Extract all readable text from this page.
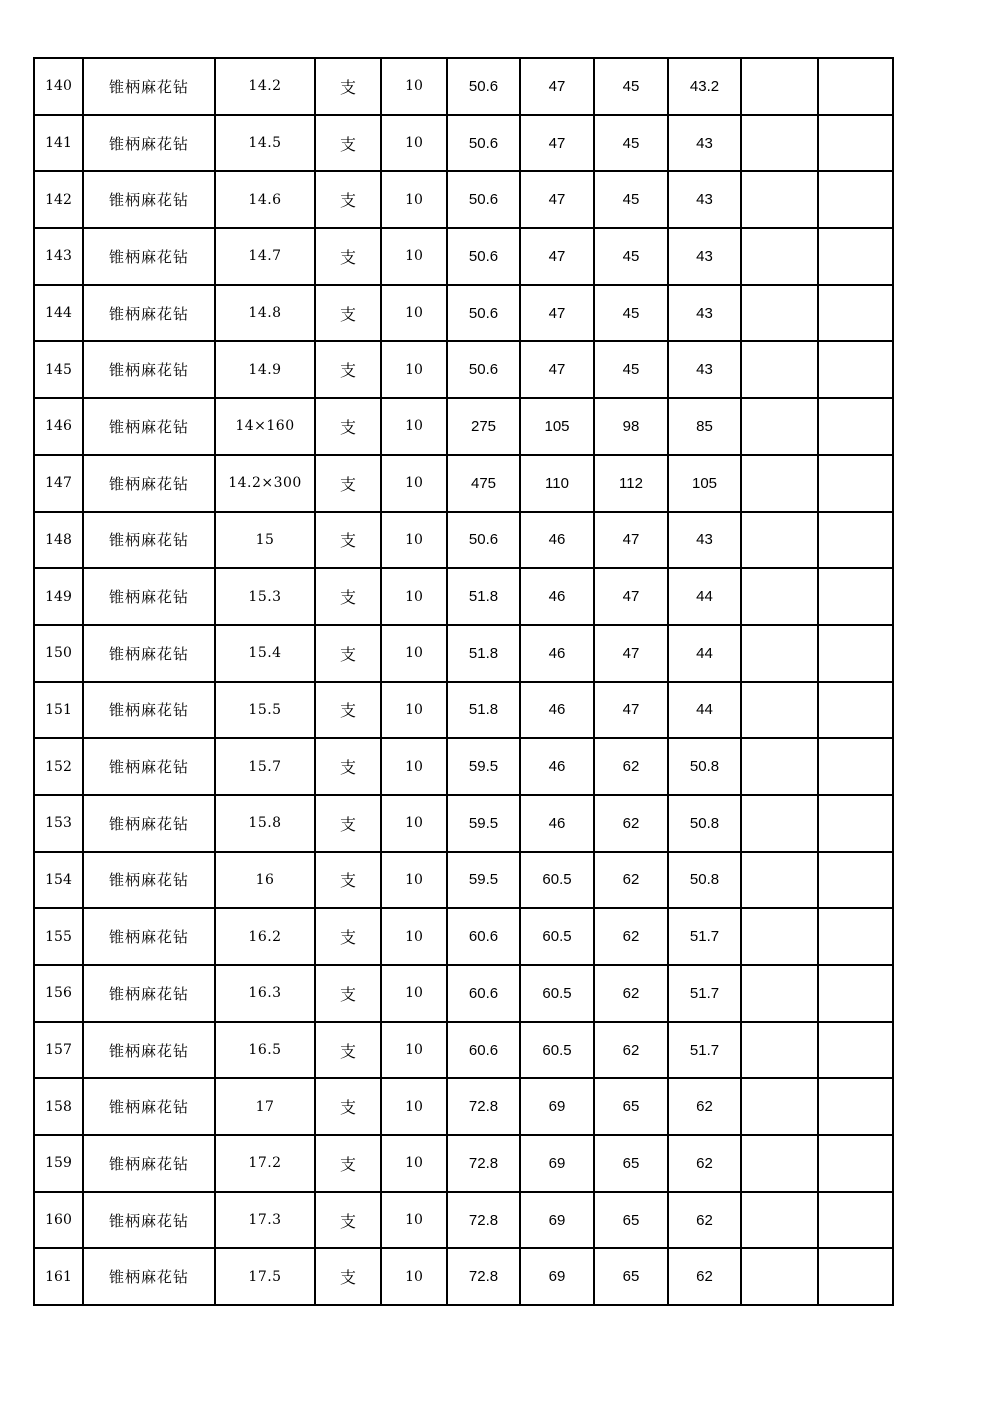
140	锥柄麻花钻	14.2	支	10	50.6	47	45	43.2		
141	锥柄麻花钻	14.5	支	10	50.6	47	45	43		
142	锥柄麻花钻	14.6	支	10	50.6	47	45	43		
143	锥柄麻花钻	14.7	支	10	50.6	47	45	43		
144	锥柄麻花钻	14.8	支	10	50.6	47	45	43		
145	锥柄麻花钻	14.9	支	10	50.6	47	45	43		
146	锥柄麻花钻	14×160	支	10	275	105	98	85		
147	锥柄麻花钻	14.2×300	支	10	475	110	112	105		
148	锥柄麻花钻	15	支	10	50.6	46	47	43		
149	锥柄麻花钻	15.3	支	10	51.8	46	47	44		
150	锥柄麻花钻	15.4	支	10	51.8	46	47	44		
151	锥柄麻花钻	15.5	支	10	51.8	46	47	44		
152	锥柄麻花钻	15.7	支	10	59.5	46	62	50.8		
153	锥柄麻花钻	15.8	支	10	59.5	46	62	50.8		
154	锥柄麻花钻	16	支	10	59.5	60.5	62	50.8		
155	锥柄麻花钻	16.2	支	10	60.6	60.5	62	51.7		
156	锥柄麻花钻	16.3	支	10	60.6	60.5	62	51.7		
157	锥柄麻花钻	16.5	支	10	60.6	60.5	62	51.7		
158	锥柄麻花钻	17	支	10	72.8	69	65	62		
159	锥柄麻花钻	17.2	支	10	72.8	69	65	62		
160	锥柄麻花钻	17.3	支	10	72.8	69	65	62		
161	锥柄麻花钻	17.5	支	10	72.8	69	65	62		
